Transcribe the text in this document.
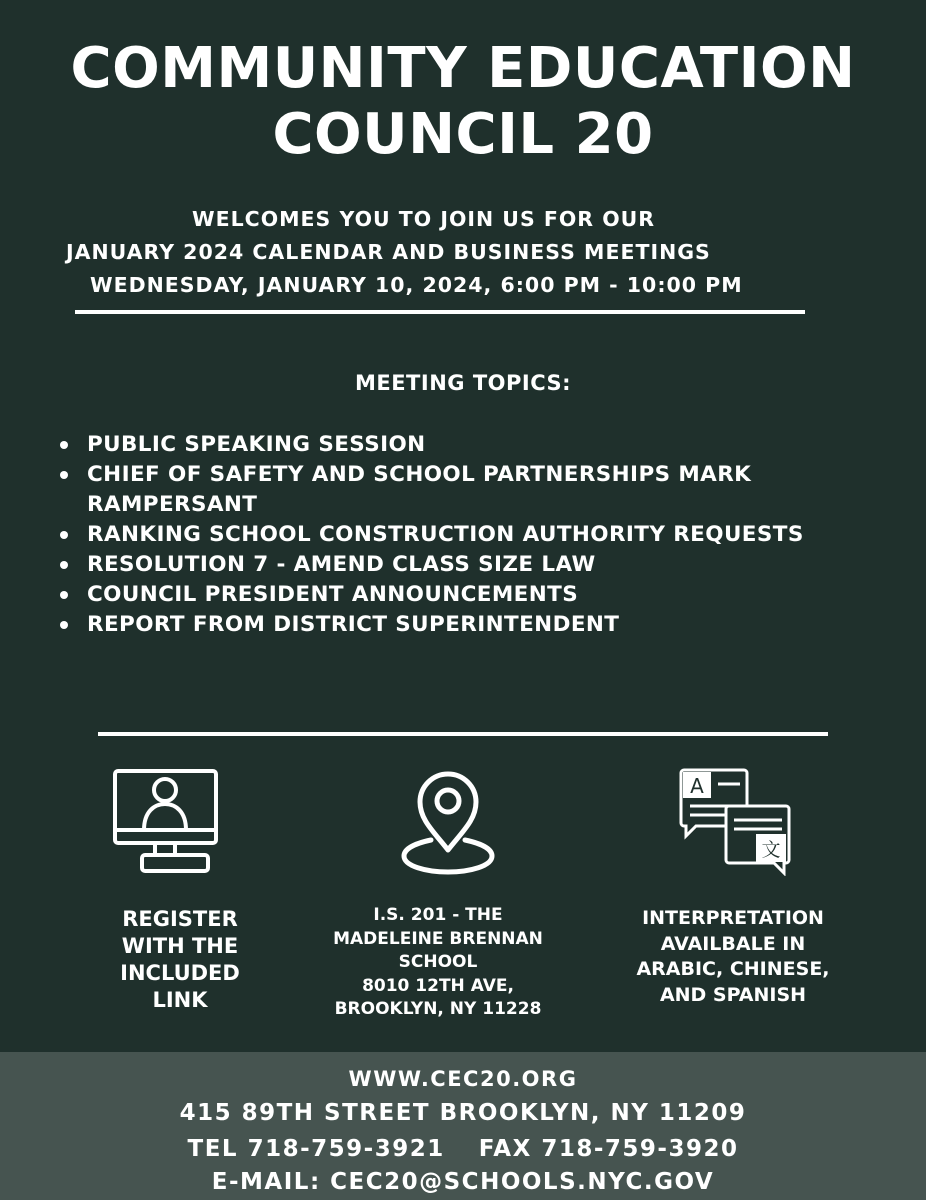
COMMUNITY EDUCATION
COUNCIL 20
WELCOMES YOU TO JOIN US FOR OUR
JANUARY 2024 CALENDAR AND BUSINESS MEETINGS
WEDNESDAY, JANUARY 10, 2024, 6:00 PM - 10:00 PM
MEETING TOPICS:
PUBLIC SPEAKING SESSION
CHIEF OF SAFETY AND SCHOOL PARTNERSHIPS MARK RAMPERSANT
RANKING SCHOOL CONSTRUCTION AUTHORITY REQUESTS
RESOLUTION 7 - AMEND CLASS SIZE LAW
COUNCIL PRESIDENT ANNOUNCEMENTS
REPORT FROM DISTRICT SUPERINTENDENT
A
文
REGISTER
WITH THE
INCLUDED
LINK
I.S. 201 - THE
MADELEINE BRENNAN
SCHOOL
8010 12TH AVE,
BROOKLYN, NY 11228
INTERPRETATION
AVAILBALE IN
ARABIC, CHINESE,
AND SPANISH
WWW.CEC20.ORG
415 89TH STREET BROOKLYN, NY 11209
TEL 718-759-3921 FAX 718-759-3920
E-MAIL: CEC20@SCHOOLS.NYC.GOV
